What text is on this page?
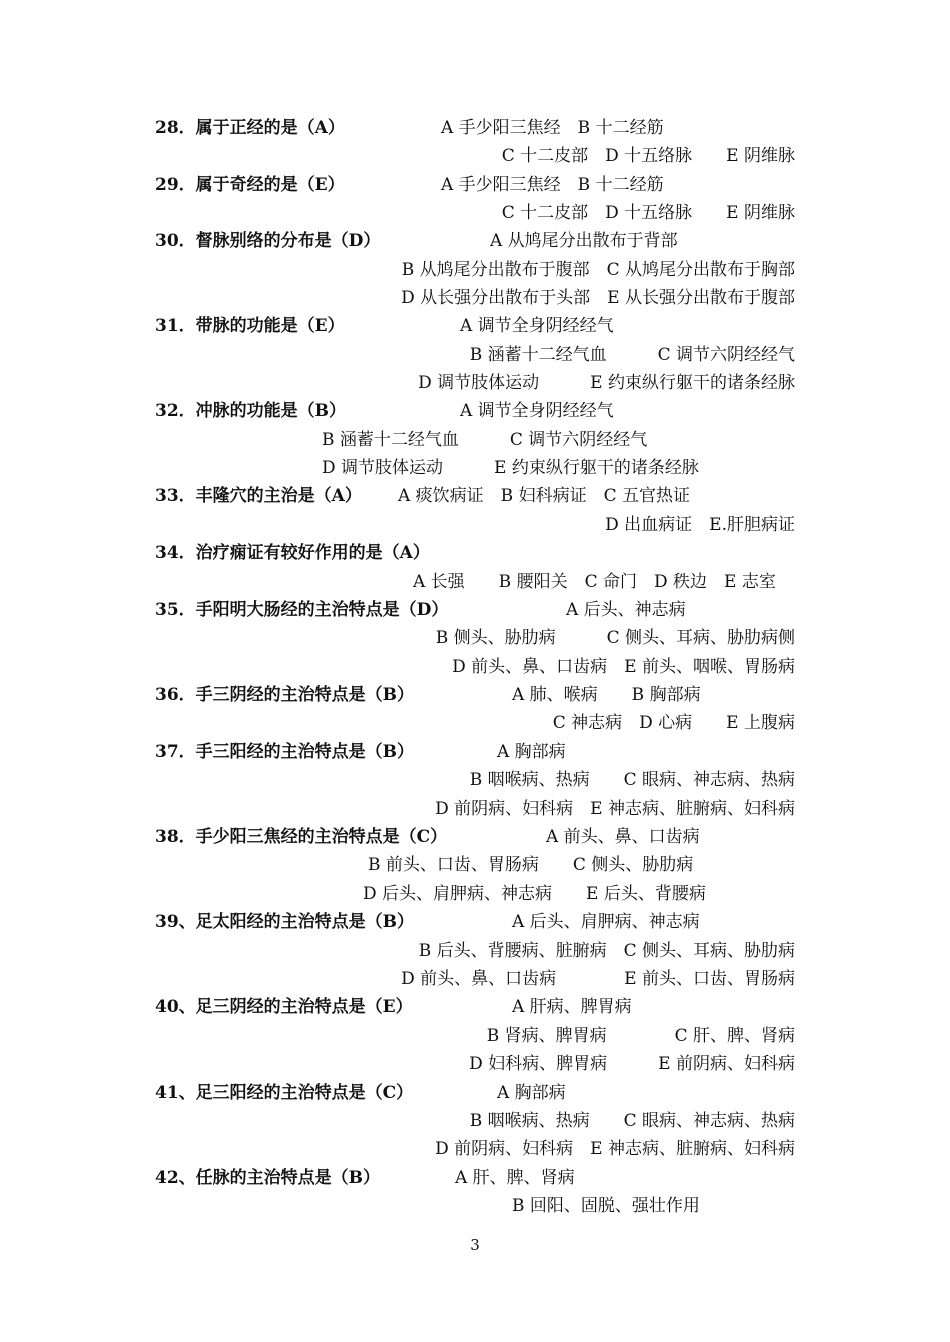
28．属于正经的是（A）	A 手少阳三焦经　B 十二经筋
C 十二皮部　D 十五络脉　　E 阴维脉
29．属于奇经的是（E）	A 手少阳三焦经　B 十二经筋
C 十二皮部　D 十五络脉　　E 阴维脉
30．督脉别络的分布是（D）	A 从鸠尾分出散布于背部
B 从鸠尾分出散布于腹部　C 从鸠尾分出散布于胸部
D 从长强分出散布于头部　E 从长强分出散布于腹部
31．带脉的功能是（E）	A 调节全身阴经经气
B 涵蓄十二经气血　　　C 调节六阴经经气
D 调节肢体运动　　　E 约束纵行躯干的诸条经脉
32．冲脉的功能是（B）	A 调节全身阴经经气
B 涵蓄十二经气血　　　C 调节六阴经经气
D 调节肢体运动　　　E 约束纵行躯干的诸条经脉
33．丰隆穴的主治是（A） A 痰饮病证　B 妇科病证　C 五官热证
D 出血病证　E.肝胆病证
34．治疗痫证有较好作用的是（A）
A 长强　　B 腰阳关　C 命门　D 秩边　E 志室
35．手阳明大肠经的主治特点是（D）	A 后头、神志病
B 侧头、胁肋病　　　C 侧头、耳病、胁肋病侧
D 前头、鼻、口齿病　E 前头、咽喉、胃肠病
36．手三阴经的主治特点是（B）	A 肺、喉病　　B 胸部病
C 神志病　D 心病　　E 上腹病
37．手三阳经的主治特点是（B）	A 胸部病
B 咽喉病、热病　　C 眼病、神志病、热病
D 前阴病、妇科病　E 神志病、脏腑病、妇科病
38．手少阳三焦经的主治特点是（C）	A 前头、鼻、口齿病
B 前头、口齿、胃肠病　　C 侧头、胁肋病
D 后头、肩胛病、神志病　　E 后头、背腰病
39、足太阳经的主治特点是（B）	A 后头、肩胛病、神志病
B 后头、背腰病、脏腑病　C 侧头、耳病、胁肋病
D 前头、鼻、口齿病　　　　E 前头、口齿、胃肠病
40、足三阴经的主治特点是（E）	A 肝病、脾胃病
B 肾病、脾胃病　　　　C 肝、脾、肾病
D 妇科病、脾胃病　　　E 前阴病、妇科病
41、足三阳经的主治特点是（C）	A 胸部病
B 咽喉病、热病　　C 眼病、神志病、热病
D 前阴病、妇科病　E 神志病、脏腑病、妇科病
42、任脉的主治特点是（B）	A 肝、脾、肾病
B 回阳、固脱、强壮作用
3
